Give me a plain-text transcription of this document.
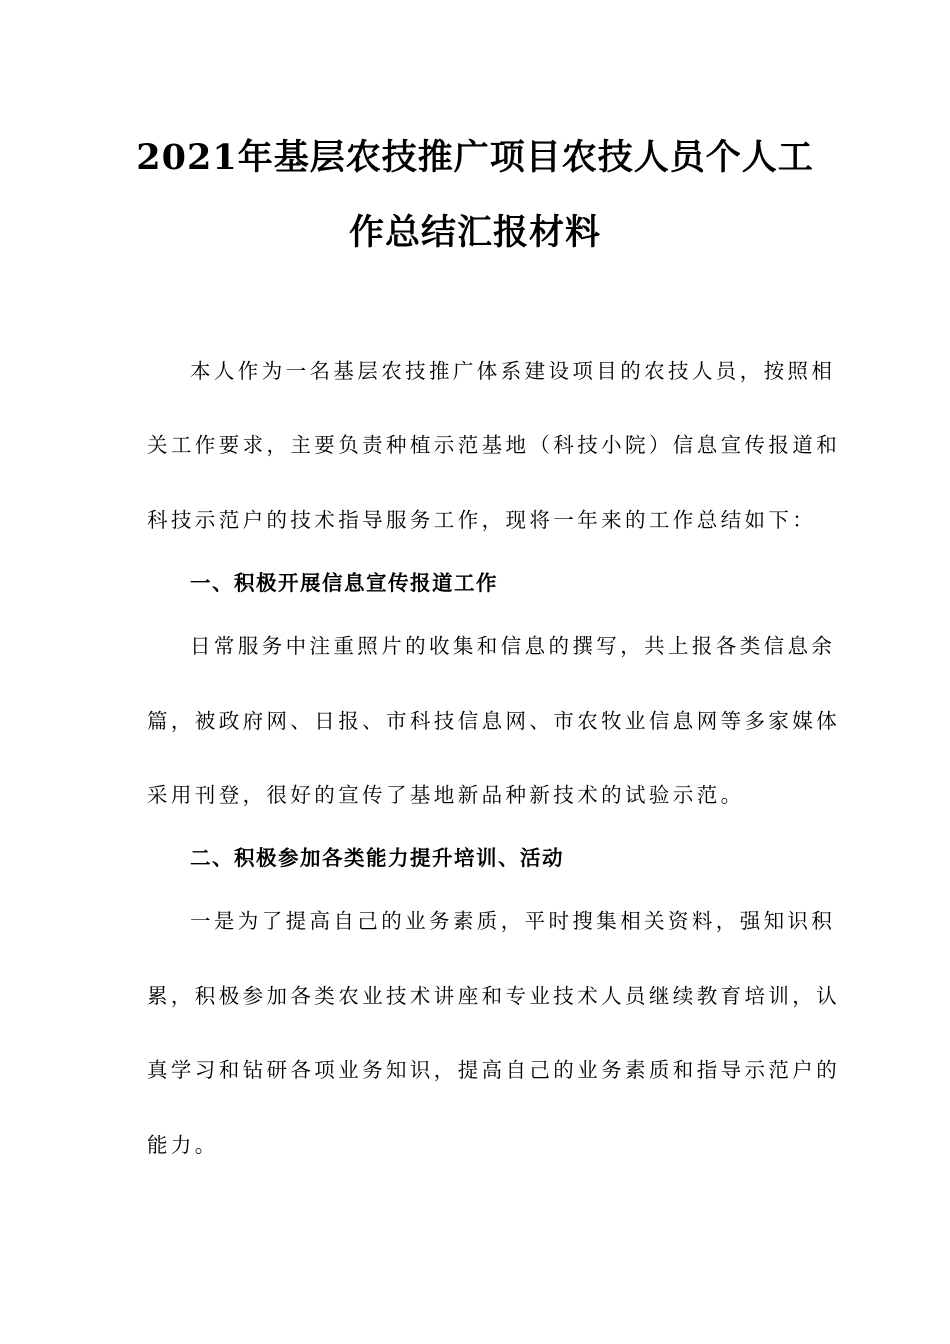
2021年基层农技推广项目农技人员个人工
作总结汇报材料
本人作为一名基层农技推广体系建设项目的农技人员，按照相
关工作要求，主要负责种植示范基地（科技小院）信息宣传报道和
科技示范户的技术指导服务工作，现将一年来的工作总结如下：
一、积极开展信息宣传报道工作
日常服务中注重照片的收集和信息的撰写，共上报各类信息余
篇，被政府网、日报、市科技信息网、市农牧业信息网等多家媒体
采用刊登，很好的宣传了基地新品种新技术的试验示范。
二、积极参加各类能力提升培训、活动
一是为了提高自己的业务素质，平时搜集相关资料，强知识积
累，积极参加各类农业技术讲座和专业技术人员继续教育培训，认
真学习和钻研各项业务知识，提高自己的业务素质和指导示范户的
能力。
